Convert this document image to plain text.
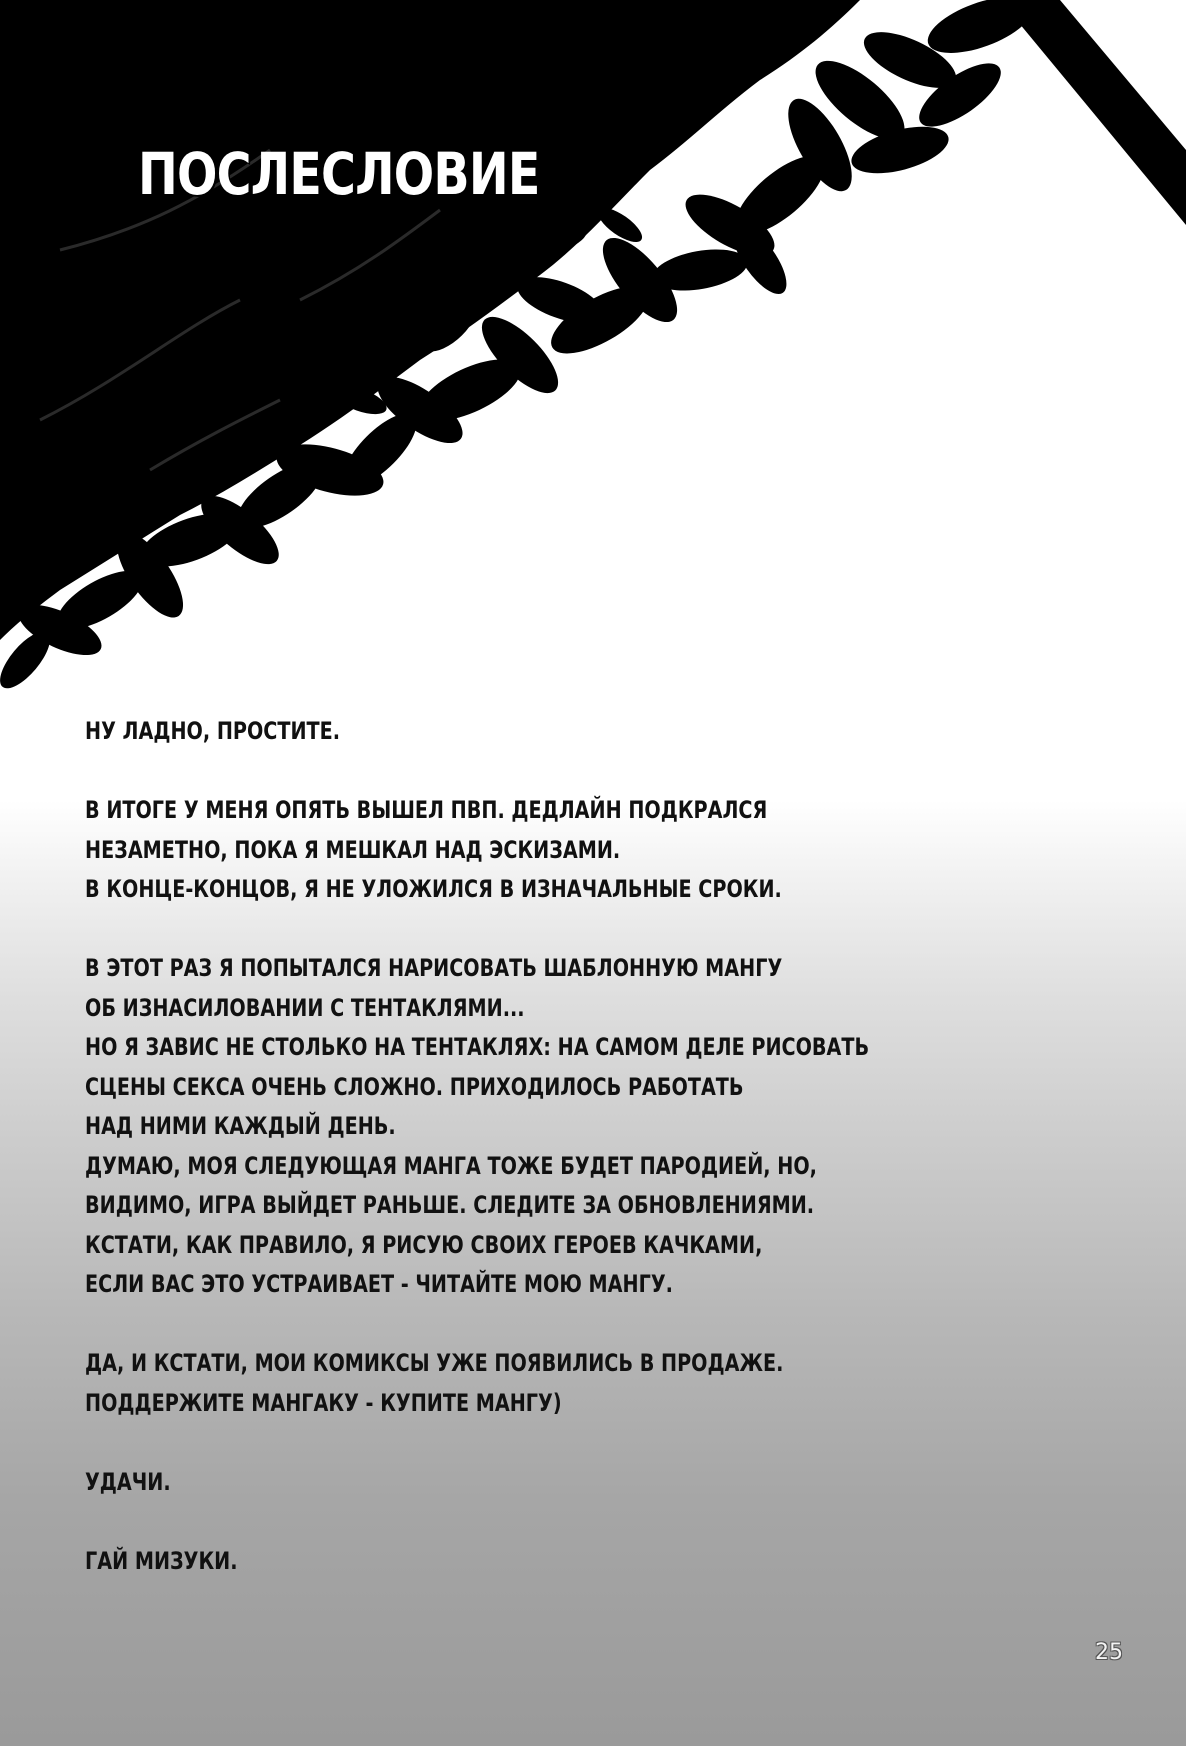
ПОСЛЕСЛОВИЕ

НУ ЛАДНО, ПРОСТИТЕ.

В ИТОГЕ У МЕНЯ ОПЯТЬ ВЫШЕЛ ПВП. ДЕДЛАЙН ПОДКРАЛСЯ
НЕЗАМЕТНО, ПОКА Я МЕШКАЛ НАД ЭСКИЗАМИ.
В КОНЦЕ-КОНЦОВ, Я НЕ УЛОЖИЛСЯ В ИЗНАЧАЛЬНЫЕ СРОКИ.

В ЭТОТ РАЗ Я ПОПЫТАЛСЯ НАРИСОВАТЬ ШАБЛОННУЮ МАНГУ
ОБ ИЗНАСИЛОВАНИИ С ТЕНТАКЛЯМИ...
НО Я ЗАВИС НЕ СТОЛЬКО НА ТЕНТАКЛЯХ: НА САМОМ ДЕЛЕ РИСОВАТЬ
СЦЕНЫ СЕКСА ОЧЕНЬ СЛОЖНО. ПРИХОДИЛОСЬ РАБОТАТЬ
НАД НИМИ КАЖДЫЙ ДЕНЬ.
ДУМАЮ, МОЯ СЛЕДУЮЩАЯ МАНГА ТОЖЕ БУДЕТ ПАРОДИЕЙ, НО,
ВИДИМО, ИГРА ВЫЙДЕТ РАНЬШЕ. СЛЕДИТЕ ЗА ОБНОВЛЕНИЯМИ.
КСТАТИ, КАК ПРАВИЛО, Я РИСУЮ СВОИХ ГЕРОЕВ КАЧКАМИ,
ЕСЛИ ВАС ЭТО УСТРАИВАЕТ - ЧИТАЙТЕ МОЮ МАНГУ.

ДА, И КСТАТИ, МОИ КОМИКСЫ УЖЕ ПОЯВИЛИСЬ В ПРОДАЖЕ.
ПОДДЕРЖИТЕ МАНГАКУ - КУПИТЕ МАНГУ)

УДАЧИ.

ГАЙ МИЗУКИ.

25
